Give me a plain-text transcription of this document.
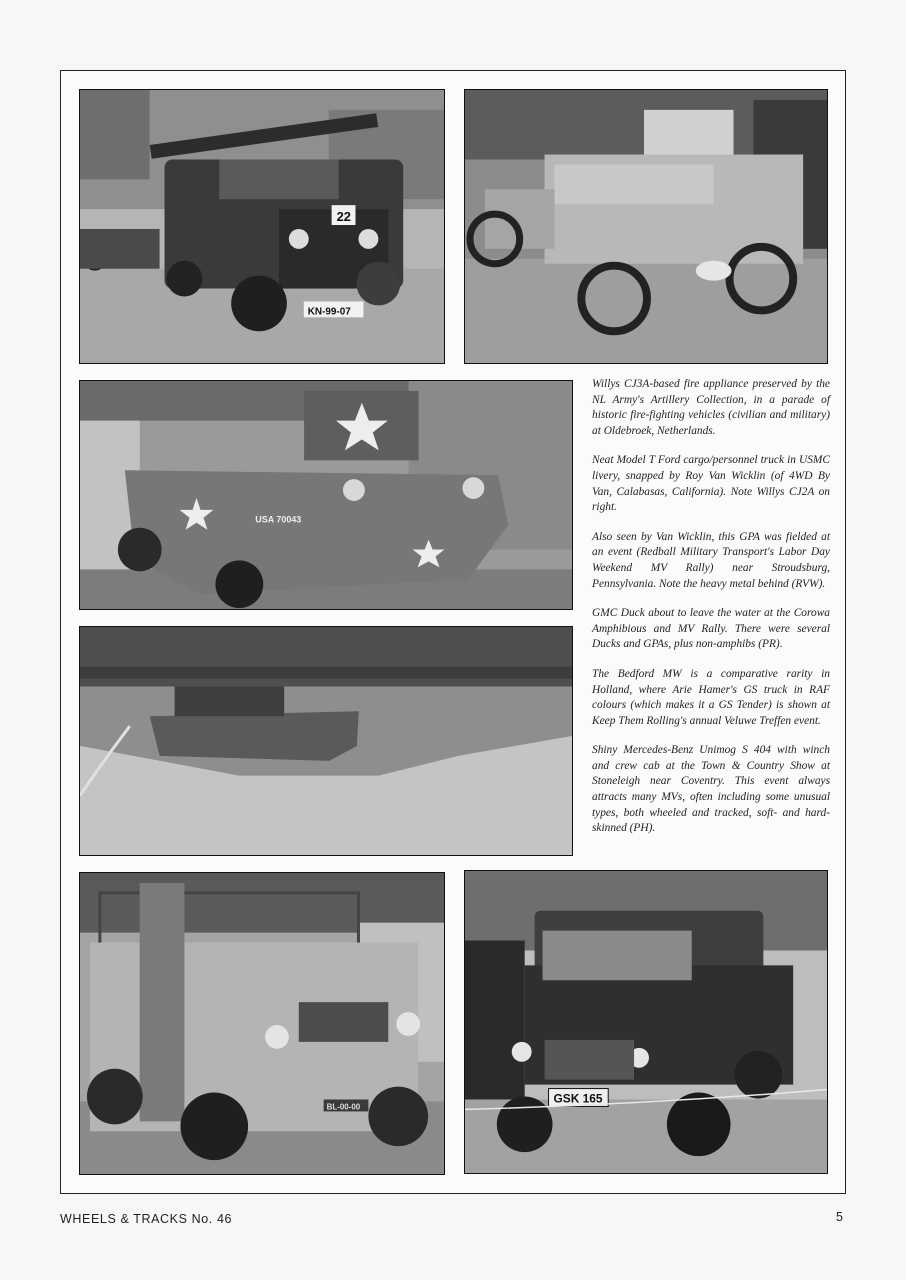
22
KN-99-07
USA 70043
BL-00-00
GSK 165

Willys CJ3A-based fire appliance preserved by the NL Army's Artillery Collection, in a parade of historic fire-fighting vehicles (civilian and military) at Oldebroek, Netherlands.

Neat Model T Ford cargo/personnel truck in USMC livery, snapped by Roy Van Wicklin (of 4WD By Van, Calabasas, California). Note Willys CJ2A on right.

Also seen by Van Wicklin, this GPA was fielded at an event (Redball Military Transport's Labor Day Weekend MV Rally) near Stroudsburg, Pennsylvania. Note the heavy metal behind (RVW).

GMC Duck about to leave the water at the Corowa Amphibious and MV Rally. There were several Ducks and GPAs, plus non-amphibs (PR).

The Bedford MW is a comparative rarity in Holland, where Arie Hamer's GS truck in RAF colours (which makes it a GS Tender) is shown at Keep Them Rolling's annual Veluwe Treffen event.

Shiny Mercedes-Benz Unimog S 404 with winch and crew cab at the Town & Country Show at Stoneleigh near Coventry. This event always attracts many MVs, often including some unusual types, both wheeled and tracked, soft- and hard-skinned (PH).

WHEELS & TRACKS No. 46	5
